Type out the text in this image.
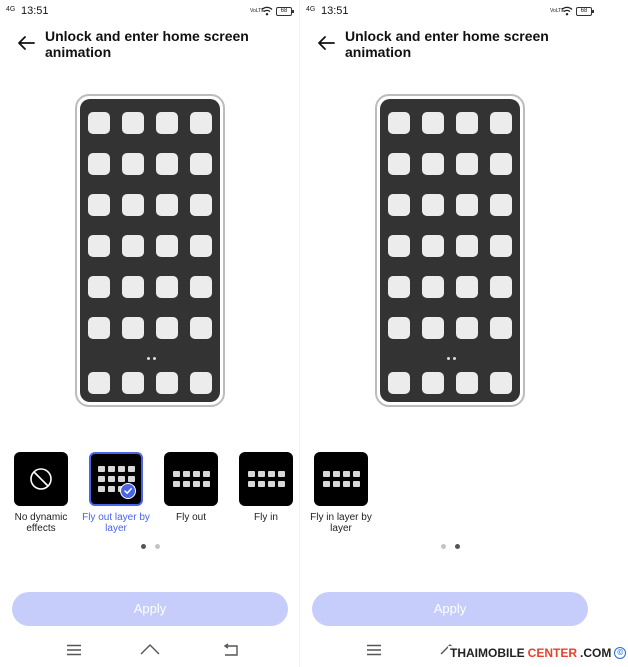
4G 13:51	VoLTE	68
Unlock and enter home screen animation
No dynamic effects
Fly out layer by layer
Fly out	Fly in
Apply
4G 13:51	VoLTE	68
Unlock and enter home screen animation
Fly in layer by layer
Apply
THAIMOBILE CENTER .COM ©
